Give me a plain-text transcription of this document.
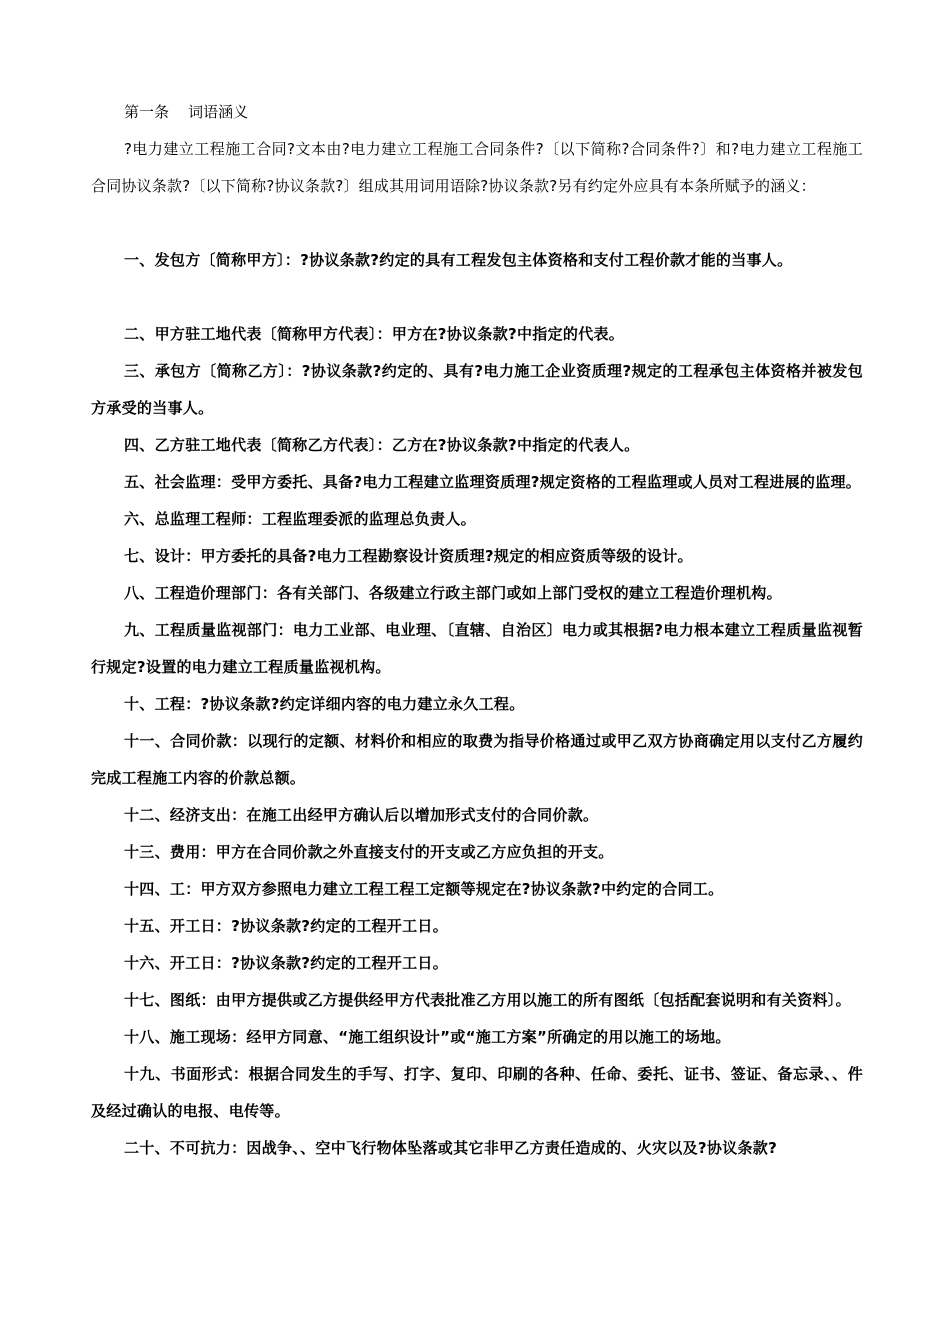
第一条    词语涵义

?电力建立工程施工合同?文本由?电力建立工程施工合同条件?〔以下简称?合同条件?〕和?电力建立工程施工合同协议条款?〔以下简称?协议条款?〕组成其用词用语除?协议条款?另有约定外应具有本条所赋予的涵义：

一、发包方〔简称甲方〕：?协议条款?约定的具有工程发包主体资格和支付工程价款才能的当事人。

二、甲方驻工地代表〔简称甲方代表〕：甲方在?协议条款?中指定的代表。

三、承包方〔简称乙方〕：?协议条款?约定的、具有?电力施工企业资质理?规定的工程承包主体资格并被发包方承受的当事人。

四、乙方驻工地代表〔简称乙方代表〕：乙方在?协议条款?中指定的代表人。

五、社会监理：受甲方委托、具备?电力工程建立监理资质理?规定资格的工程监理或人员对工程进展的监理。

六、总监理工程师：工程监理委派的监理总负责人。

七、设计：甲方委托的具备?电力工程勘察设计资质理?规定的相应资质等级的设计。

八、工程造价理部门：各有关部门、各级建立行政主部门或如上部门受权的建立工程造价理机构。

九、工程质量监视部门：电力工业部、电业理、〔直辖、自治区〕电力或其根据?电力根本建立工程质量监视暂行规定?设置的电力建立工程质量监视机构。

十、工程：?协议条款?约定详细内容的电力建立永久工程。

十一、合同价款：以现行的定额、材料价和相应的取费为指导价格通过或甲乙双方协商确定用以支付乙方履约完成工程施工内容的价款总额。

十二、经济支出：在施工出经甲方确认后以增加形式支付的合同价款。

十三、费用：甲方在合同价款之外直接支付的开支或乙方应负担的开支。

十四、工：甲方双方参照电力建立工程工程工定额等规定在?协议条款?中约定的合同工。

十五、开工日：?协议条款?约定的工程开工日。

十六、开工日：?协议条款?约定的工程开工日。

十七、图纸：由甲方提供或乙方提供经甲方代表批准乙方用以施工的所有图纸〔包括配套说明和有关资料〕。

十八、施工现场：经甲方同意、“施工组织设计”或“施工方案”所确定的用以施工的场地。

十九、书面形式：根据合同发生的手写、打字、复印、印刷的各种、任命、委托、证书、签证、备忘录、、件及经过确认的电报、电传等。

二十、不可抗力：因战争、、空中飞行物体坠落或其它非甲乙方责任造成的、火灾以及?协议条款?
